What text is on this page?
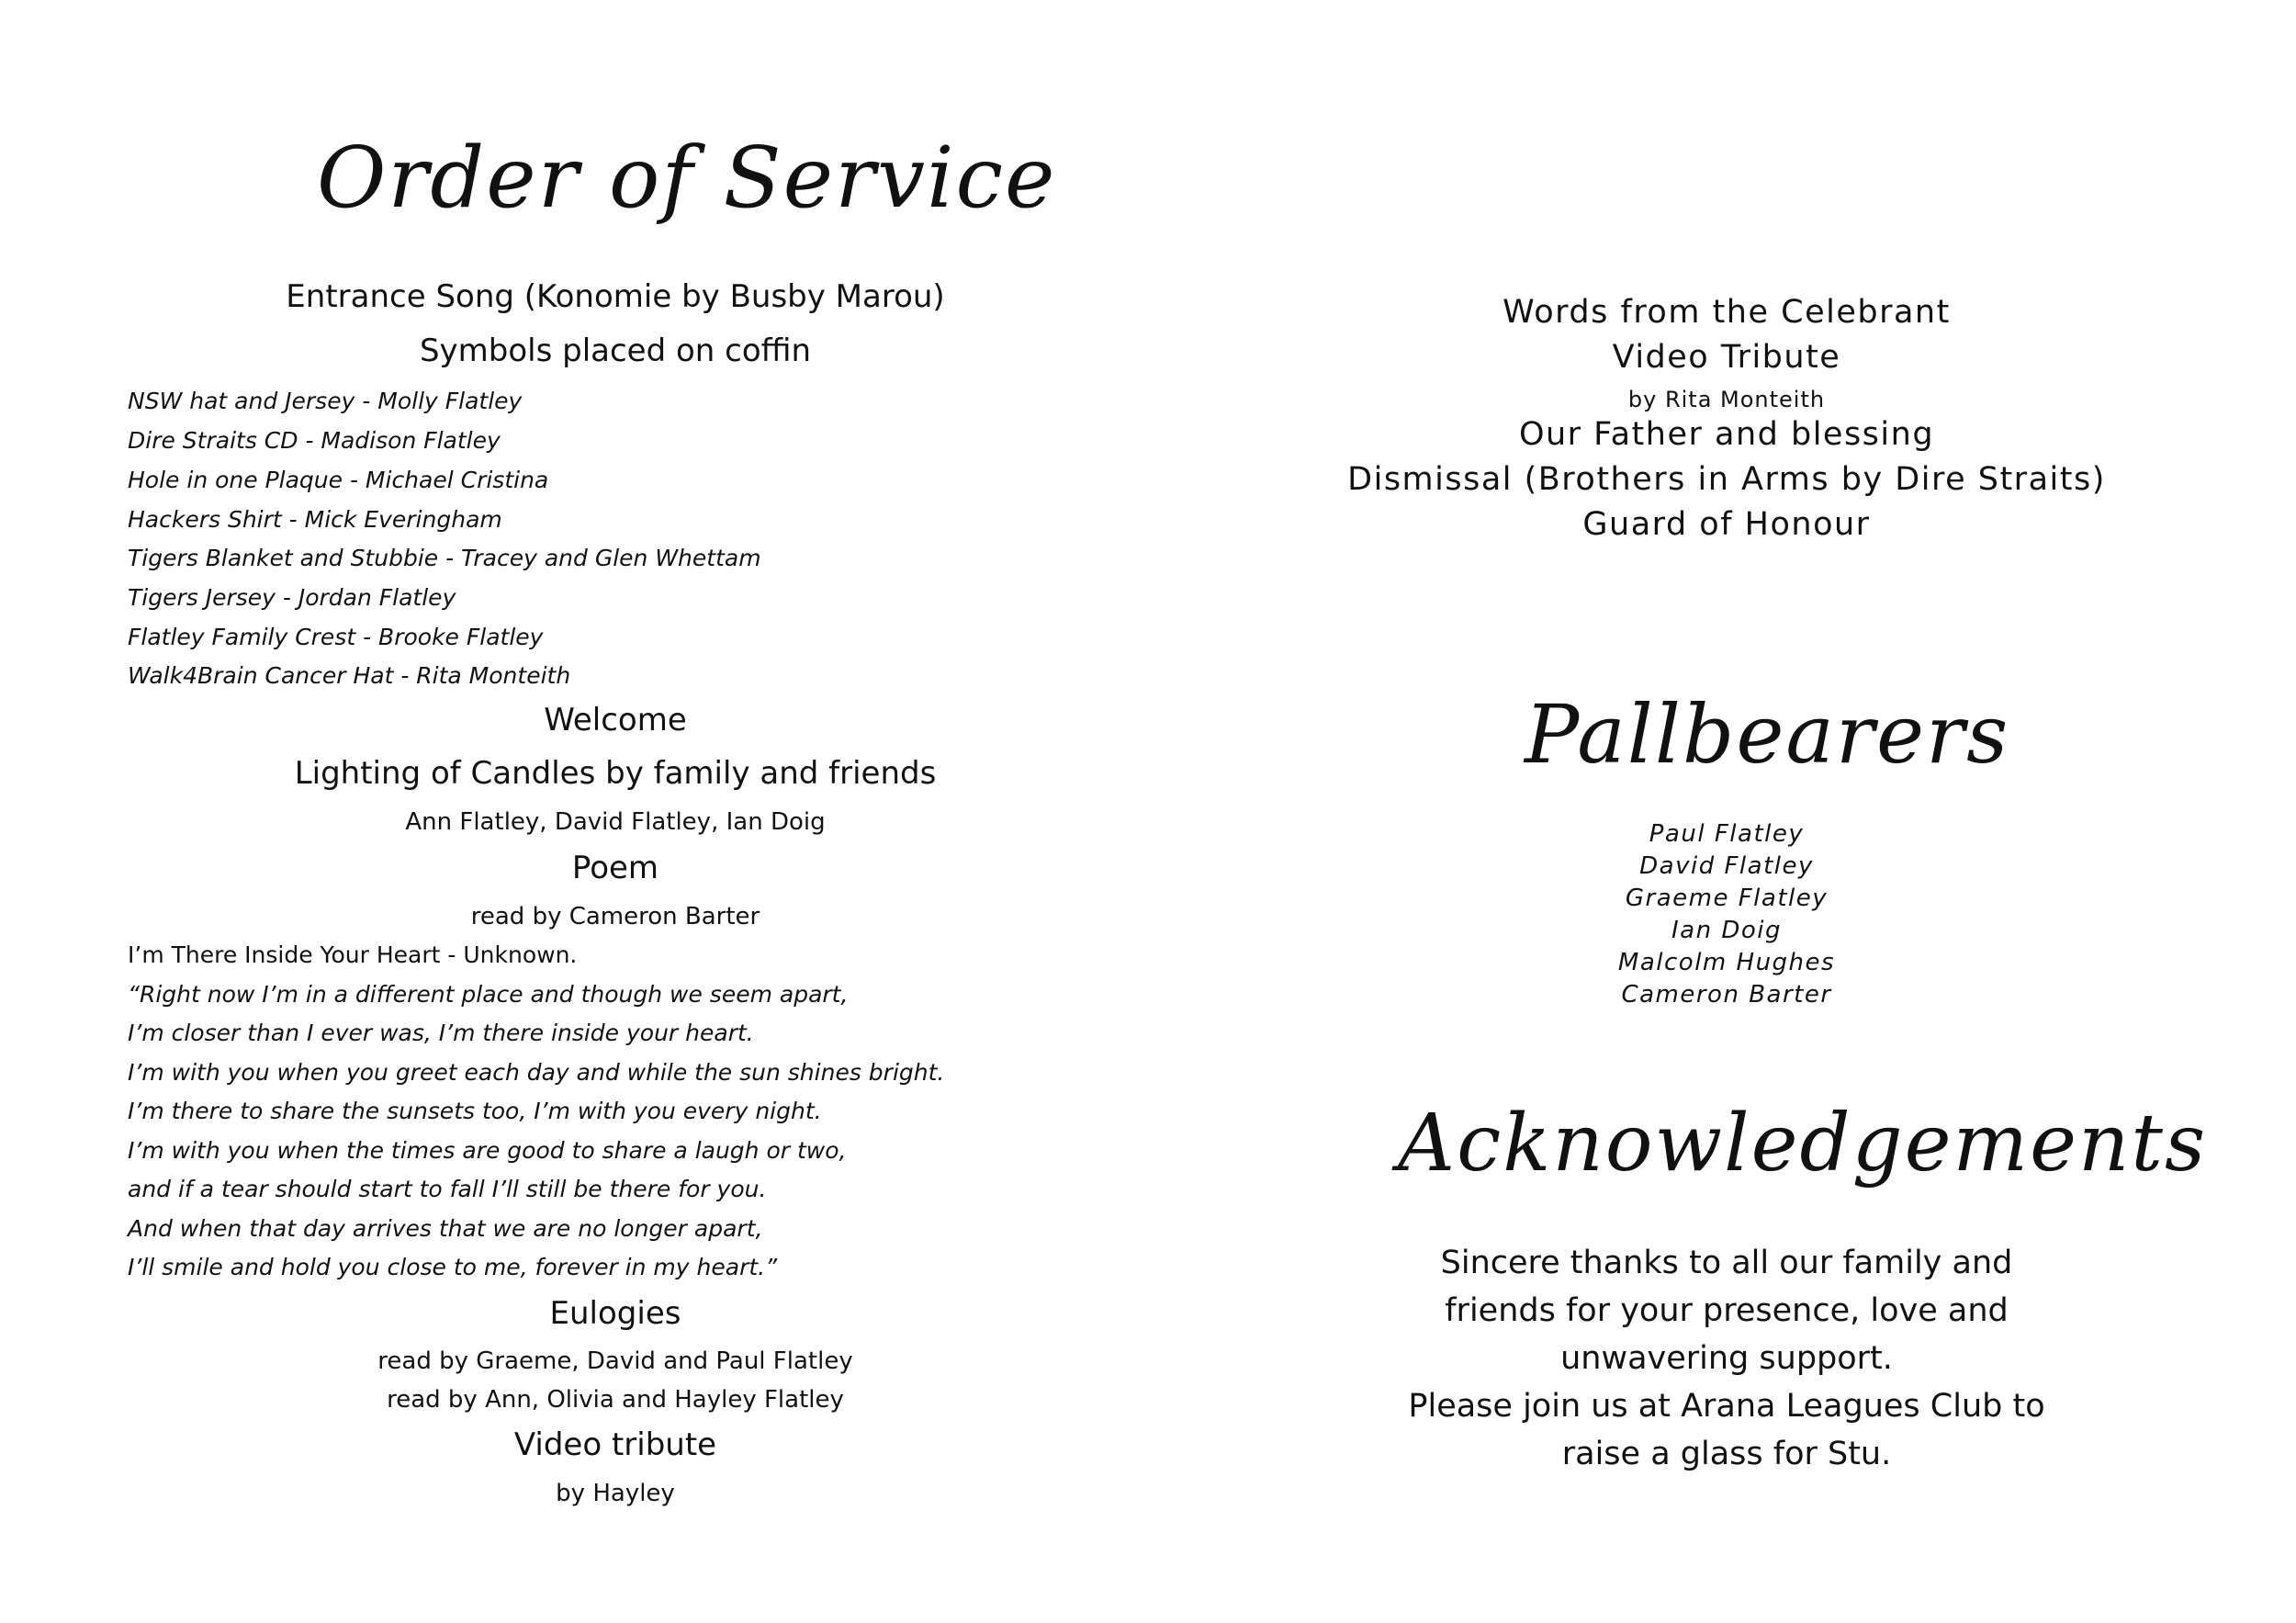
Order of Service
Entrance Song (Konomie by Busby Marou)
Symbols placed on coffin
NSW hat and Jersey - Molly Flatley
Dire Straits CD - Madison Flatley
Hole in one Plaque - Michael Cristina
Hackers Shirt - Mick Everingham
Tigers Blanket and Stubbie - Tracey and Glen Whettam
Tigers Jersey - Jordan Flatley
Flatley Family Crest - Brooke Flatley
Walk4Brain Cancer Hat - Rita Monteith
Welcome
Lighting of Candles by family and friends
Ann Flatley, David Flatley, Ian Doig
Poem
read by Cameron Barter
I’m There Inside Your Heart - Unknown.
“Right now I’m in a different place and though we seem apart,
I’m closer than I ever was, I’m there inside your heart.
I’m with you when you greet each day and while the sun shines bright.
I’m there to share the sunsets too, I’m with you every night.
I’m with you when the times are good to share a laugh or two,
and if a tear should start to fall I’ll still be there for you.
And when that day arrives that we are no longer apart,
I’ll smile and hold you close to me, forever in my heart.”
Eulogies
read by Graeme, David and Paul Flatley
read by Ann, Olivia and Hayley Flatley
Video tribute
by Hayley
Words from the Celebrant
Video Tribute
by Rita Monteith
Our Father and blessing
Dismissal (Brothers in Arms by Dire Straits)
Guard of Honour
Pallbearers
Paul Flatley
David Flatley
Graeme Flatley
Ian Doig
Malcolm Hughes
Cameron Barter
Acknowledgements
Sincere thanks to all our family and
friends for your presence, love and
unwavering support.
Please join us at Arana Leagues Club to
raise a glass for Stu.
